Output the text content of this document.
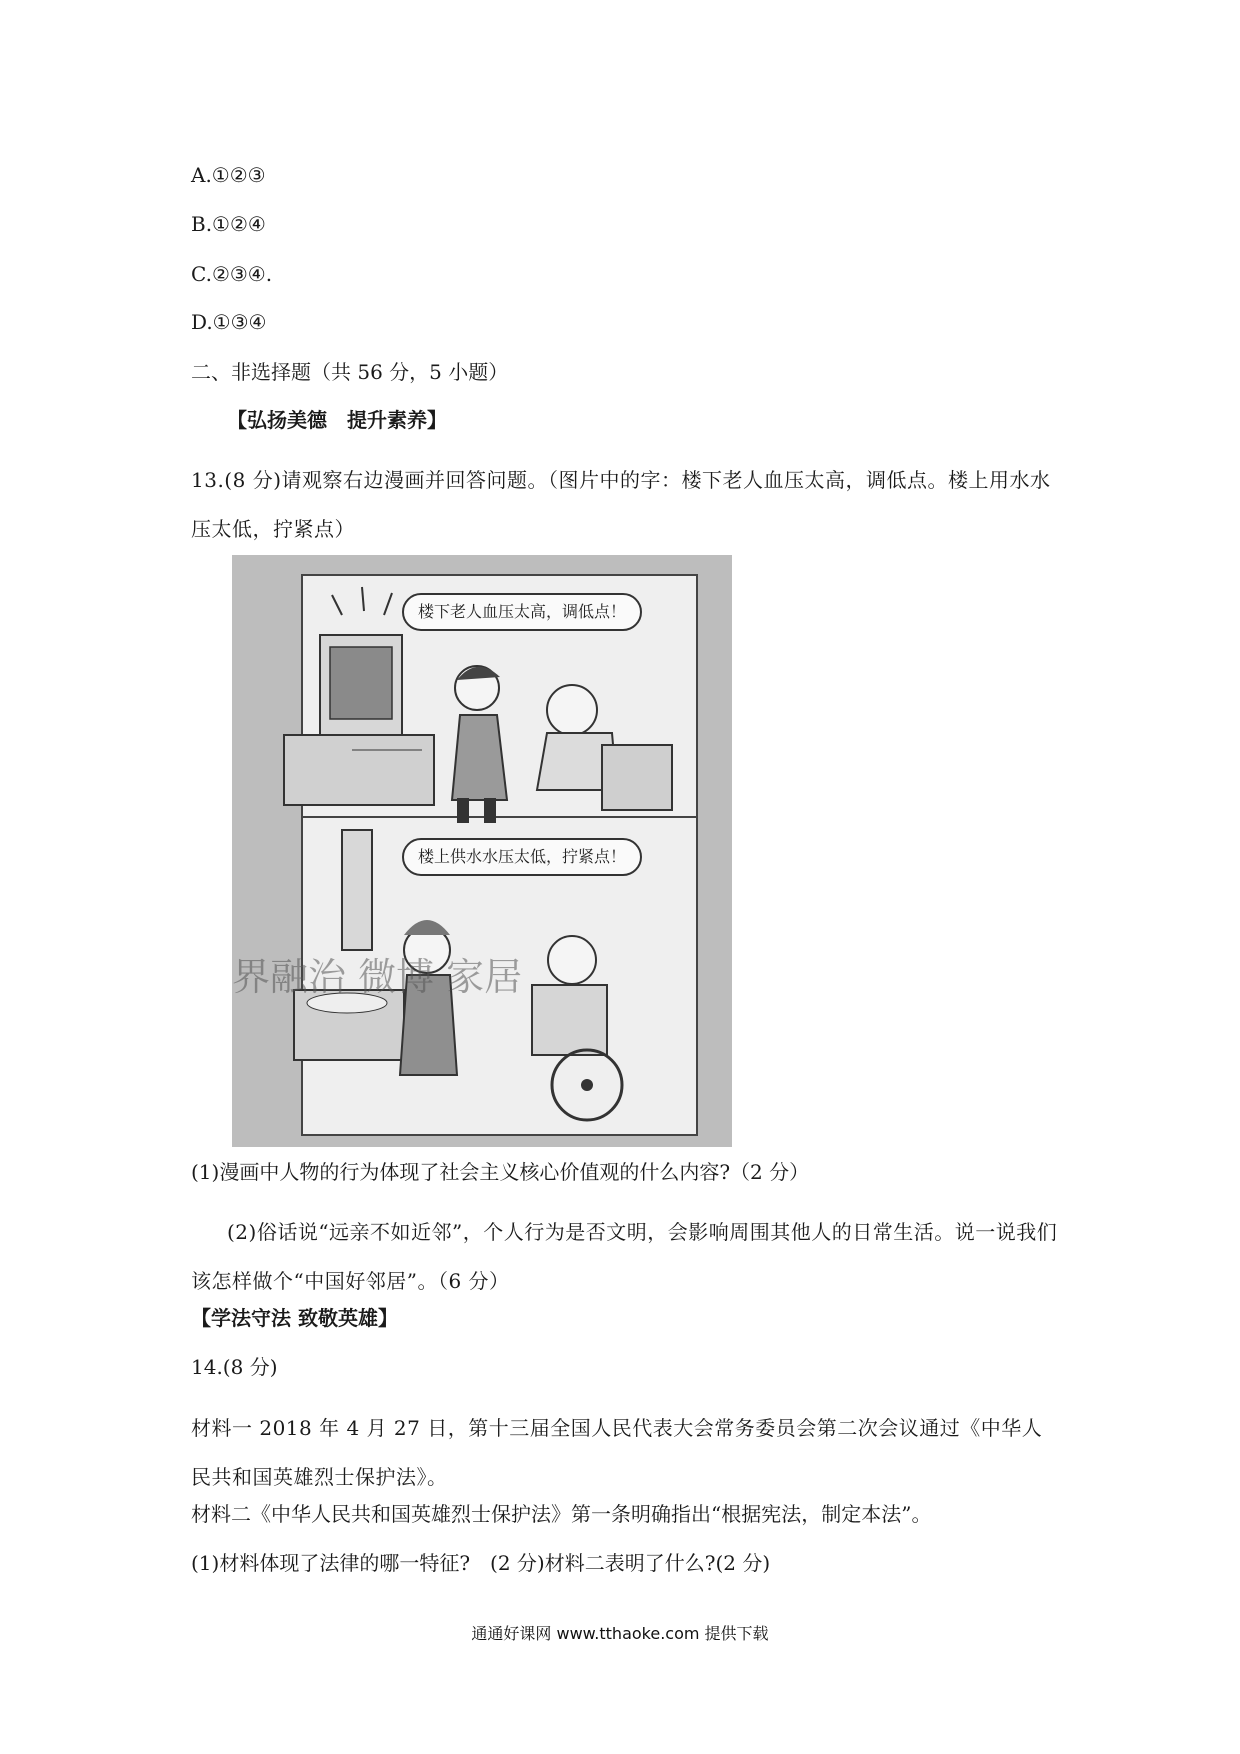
A.①②③
B.①②④
C.②③④.
D.①③④
二、非选择题（共 56 分，5 小题）
【弘扬美德　提升素养】
13.(8 分)请观察右边漫画并回答问题。（图片中的字：楼下老人血压太高，调低点。楼上用水水压太低，拧紧点）
界融治 微博 家居
楼下老人血压太高，调低点！
楼上供水水压太低，拧紧点！
(1)漫画中人物的行为体现了社会主义核心价值观的什么内容?（2 分）
(2)俗话说“远亲不如近邻”，个人行为是否文明，会影响周围其他人的日常生活。说一说我们该怎样做个“中国好邻居”。（6 分）
【学法守法 致敬英雄】
14.(8 分)
材料一 2018 年 4 月 27 日，第十三届全国人民代表大会常务委员会第二次会议通过《中华人民共和国英雄烈士保护法》。
材料二《中华人民共和国英雄烈士保护法》第一条明确指出“根据宪法，制定本法”。
(1)材料体现了法律的哪一特征?　(2 分)材料二表明了什么?(2 分)
通通好课网 www.tthaoke.com 提供下载
